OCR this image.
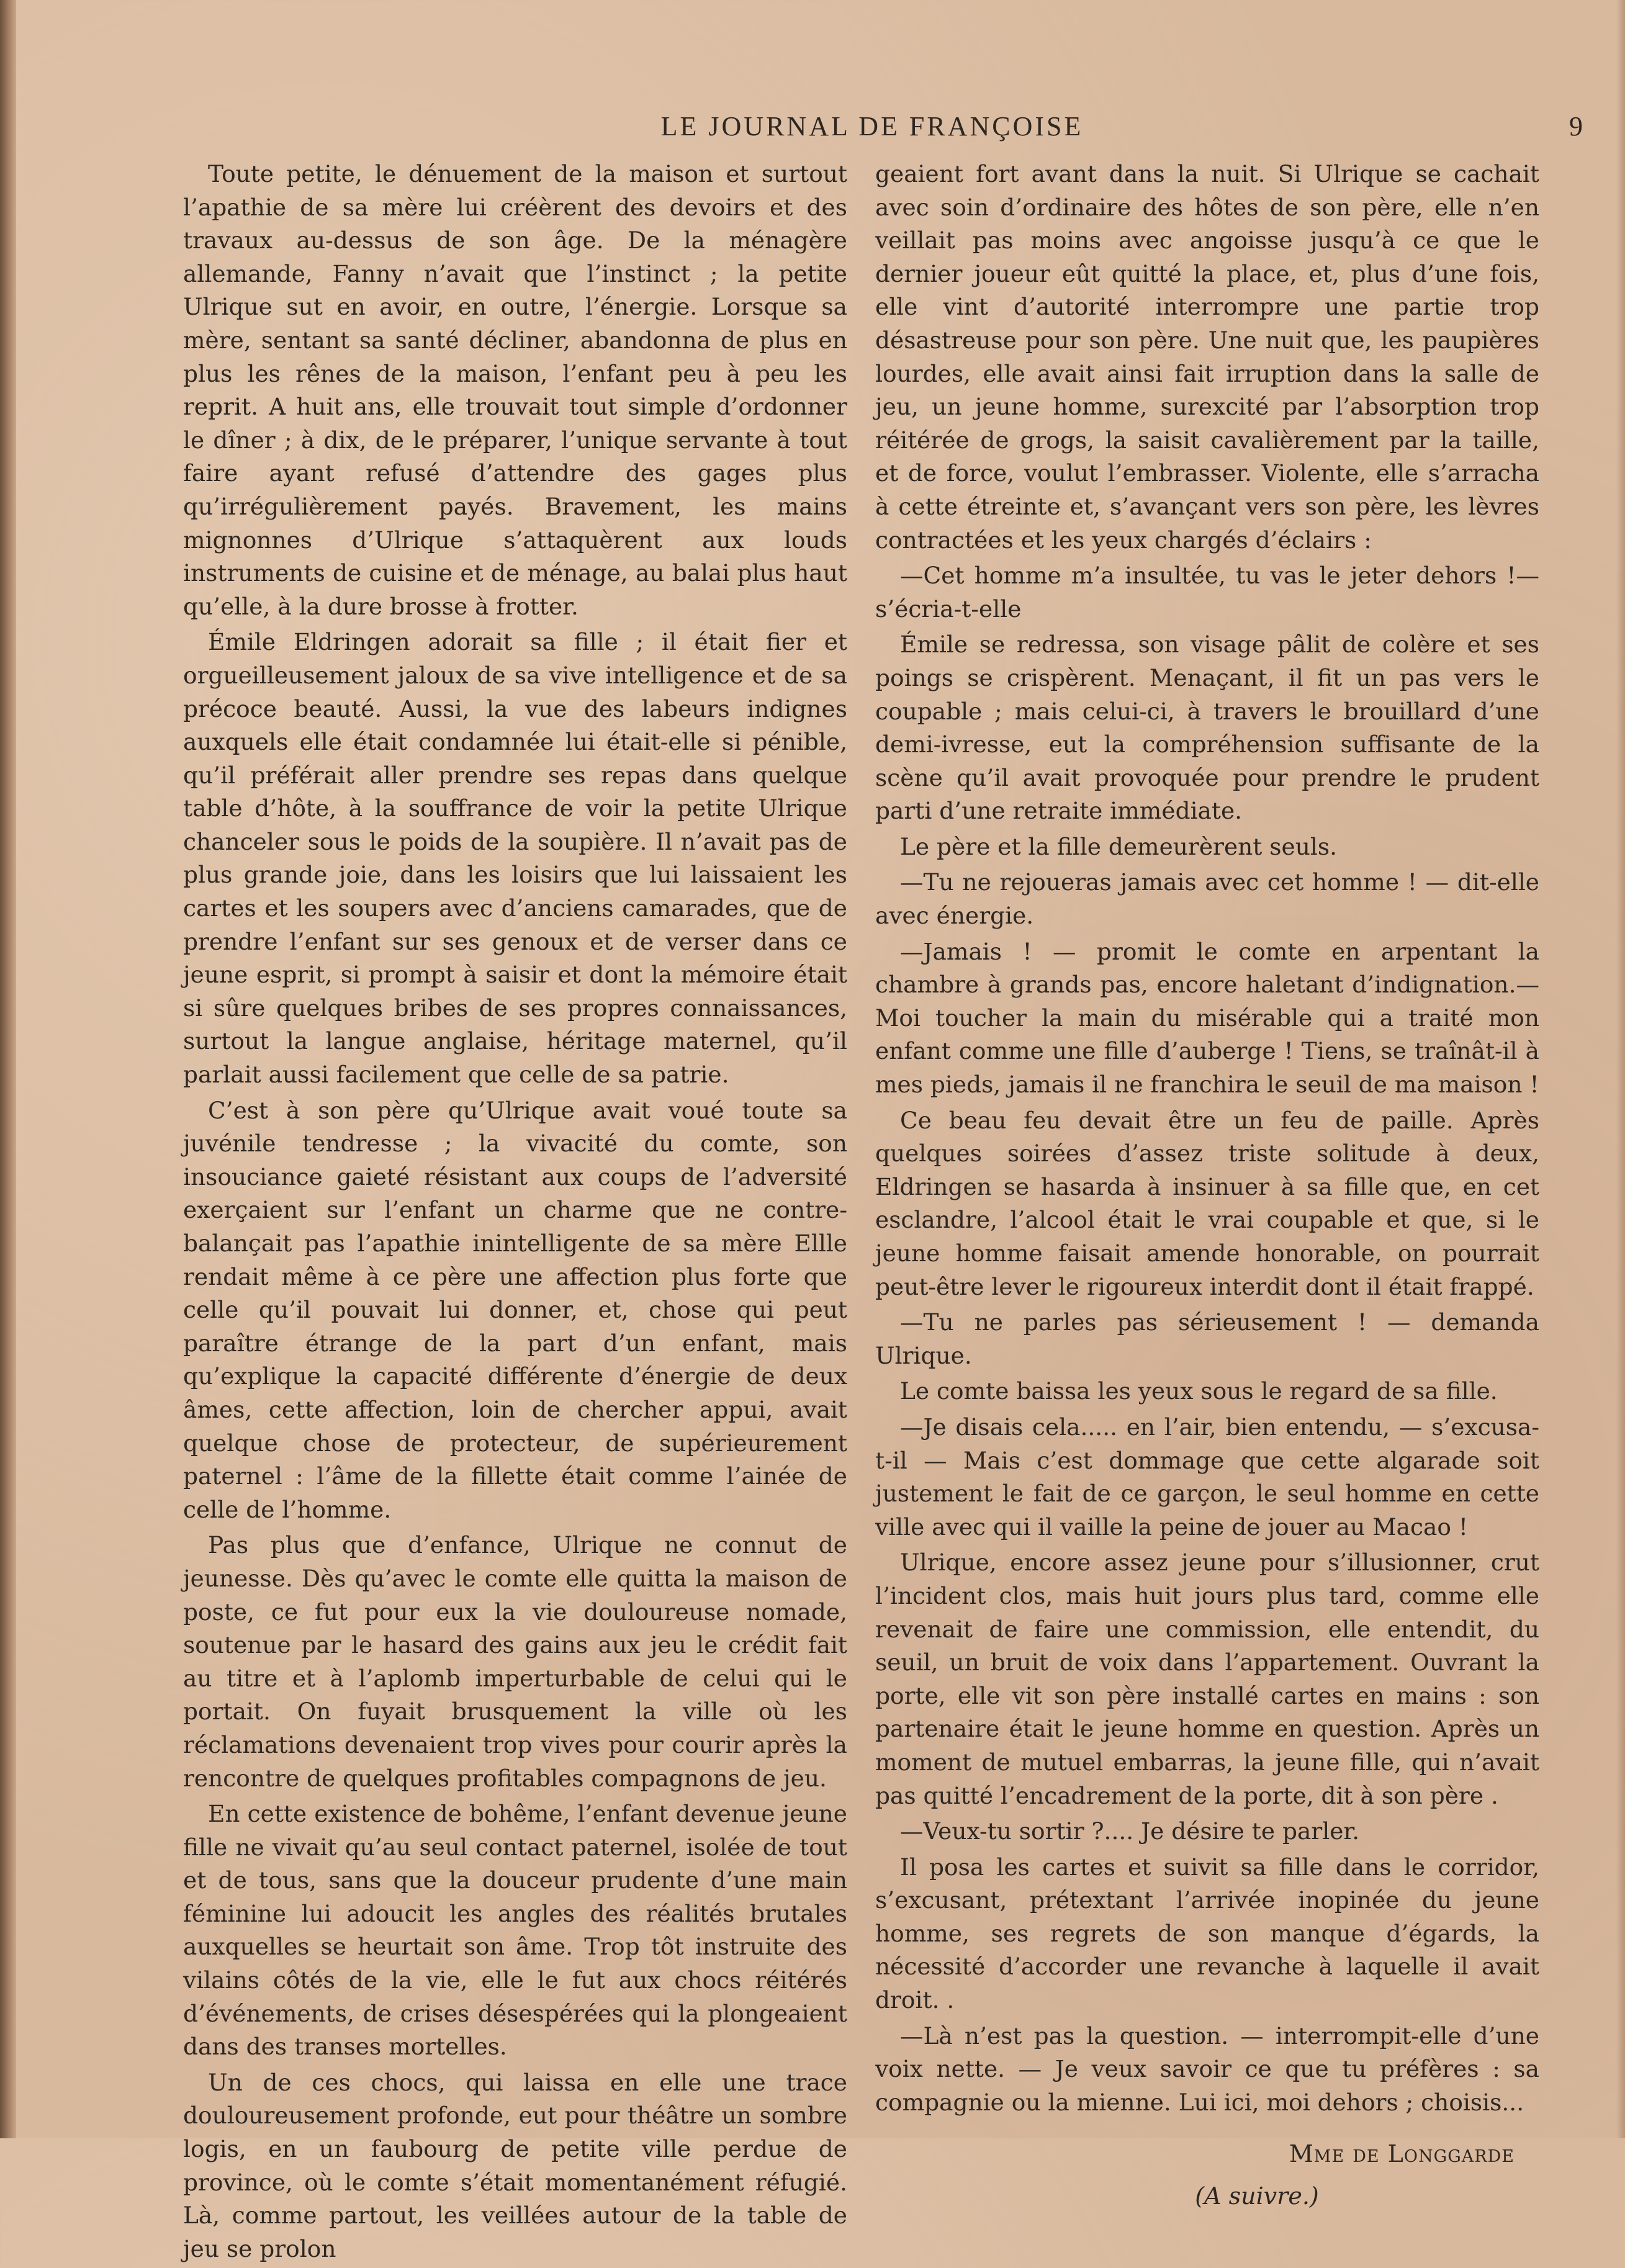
LE JOURNAL DE FRANÇOISE	9

Toute petite, le dénuement de la maison et surtout l’apathie de sa mère lui créèrent des devoirs et des travaux au-dessus de son âge. De la ménagère allemande, Fanny n’avait que l’instinct ; la petite Ulrique sut en avoir, en outre, l’énergie. Lorsque sa mère, sentant sa santé décliner, abandonna de plus en plus les rênes de la maison, l’enfant peu à peu les reprit. A huit ans, elle trouvait tout simple d’ordonner le dîner ; à dix, de le préparer, l’unique servante à tout faire ayant refusé d’attendre des gages plus qu’irrégulièrement payés. Bravement, les mains mignonnes d’Ulrique s’attaquèrent aux louds instruments de cuisine et de ménage, au balai plus haut qu’elle, à la dure brosse à frotter.

Émile Eldringen adorait sa fille ; il était fier et orgueilleusement jaloux de sa vive intelligence et de sa précoce beauté. Aussi, la vue des labeurs indignes auxquels elle était condamnée lui était-elle si pénible, qu’il préférait aller prendre ses repas dans quelque table d’hôte, à la souffrance de voir la petite Ulrique chanceler sous le poids de la soupière. Il n’avait pas de plus grande joie, dans les loisirs que lui laissaient les cartes et les soupers avec d’anciens camarades, que de prendre l’enfant sur ses genoux et de verser dans ce jeune esprit, si prompt à saisir et dont la mémoire était si sûre quelques bribes de ses propres connaissances, surtout la langue anglaise, héritage maternel, qu’il parlait aussi facilement que celle de sa patrie.

C’est à son père qu’Ulrique avait voué toute sa juvénile tendresse ; la vivacité du comte, son insouciance gaieté résistant aux coups de l’adversité exerçaient sur l’enfant un charme que ne contre-balançait pas l’apathie inintelligente de sa mère Ellle rendait même à ce père une affection plus forte que celle qu’il pouvait lui donner, et, chose qui peut paraître étrange de la part d’un enfant, mais qu’explique la capacité différente d’énergie de deux âmes, cette affection, loin de chercher appui, avait quelque chose de protecteur, de supérieurement paternel : l’âme de la fillette était comme l’ainée de celle de l’homme.

Pas plus que d’enfance, Ulrique ne connut de jeunesse. Dès qu’avec le comte elle quitta la maison de poste, ce fut pour eux la vie douloureuse nomade, soutenue par le hasard des gains aux jeu le crédit fait au titre et à l’aplomb imperturbable de celui qui le portait. On fuyait brusquement la ville où les réclamations devenaient trop vives pour courir après la rencontre de quelques profitables compagnons de jeu.

En cette existence de bohême, l’enfant devenue jeune fille ne vivait qu’au seul contact paternel, isolée de tout et de tous, sans que la douceur prudente d’une main féminine lui adoucit les angles des réalités brutales auxquelles se heurtait son âme. Trop tôt instruite des vilains côtés de la vie, elle le fut aux chocs réitérés d’événements, de crises désespérées qui la plongeaient dans des transes mortelles.

Un de ces chocs, qui laissa en elle une trace douloureusement profonde, eut pour théâtre un sombre logis, en un faubourg de petite ville perdue de province, où le comte s’était momentanément réfugié. Là, comme partout, les veillées autour de la table de jeu se prolon

geaient fort avant dans la nuit. Si Ulrique se cachait avec soin d’ordinaire des hôtes de son père, elle n’en veillait pas moins avec angoisse jusqu’à ce que le dernier joueur eût quitté la place, et, plus d’une fois, elle vint d’autorité interrompre une partie trop désastreuse pour son père. Une nuit que, les paupières lourdes, elle avait ainsi fait irruption dans la salle de jeu, un jeune homme, surexcité par l’absorption trop réitérée de grogs, la saisit cavalièrement par la taille, et de force, voulut l’embrasser. Violente, elle s’arracha à cette étreinte et, s’avançant vers son père, les lèvres contractées et les yeux chargés d’éclairs :

—Cet homme m’a insultée, tu vas le jeter dehors !— s’écria-t-elle

Émile se redressa, son visage pâlit de colère et ses poings se crispèrent. Menaçant, il fit un pas vers le coupable ; mais celui-ci, à travers le brouillard d’une demi-ivresse, eut la compréhension suffisante de la scène qu’il avait provoquée pour prendre le prudent parti d’une retraite immédiate.

Le père et la fille demeurèrent seuls.

—Tu ne rejoueras jamais avec cet homme ! — dit-elle avec énergie.

—Jamais ! — promit le comte en arpentant la chambre à grands pas, encore haletant d’indignation.—Moi toucher la main du misérable qui a traité mon enfant comme une fille d’auberge ! Tiens, se traînât-il à mes pieds, jamais il ne franchira le seuil de ma maison !

Ce beau feu devait être un feu de paille. Après quelques soirées d’assez triste solitude à deux, Eldringen se hasarda à insinuer à sa fille que, en cet esclandre, l’alcool était le vrai coupable et que, si le jeune homme faisait amende honorable, on pourrait peut-être lever le rigoureux interdit dont il était frappé.

—Tu ne parles pas sérieusement ! — demanda Ulrique.

Le comte baissa les yeux sous le regard de sa fille.

—Je disais cela..... en l’air, bien entendu, — s’excusa-t-il — Mais c’est dommage que cette algarade soit justement le fait de ce garçon, le seul homme en cette ville avec qui il vaille la peine de jouer au Macao !

Ulrique, encore assez jeune pour s’illusionner, crut l’incident clos, mais huit jours plus tard, comme elle revenait de faire une commission, elle entendit, du seuil, un bruit de voix dans l’appartement. Ouvrant la porte, elle vit son père installé cartes en mains : son partenaire était le jeune homme en question. Après un moment de mutuel embarras, la jeune fille, qui n’avait pas quitté l’encadrement de la porte, dit à son père .

—Veux-tu sortir ?.... Je désire te parler.

Il posa les cartes et suivit sa fille dans le corridor, s’excusant, prétextant l’arrivée inopinée du jeune homme, ses regrets de son manque d’égards, la nécessité d’accorder une revanche à laquelle il avait droit. .

—Là n’est pas la question. — interrompit-elle d’une voix nette. — Je veux savoir ce que tu préfères : sa compagnie ou la mienne. Lui ici, moi dehors ; choisis...

Mme de Longgarde
(A suivre.)
